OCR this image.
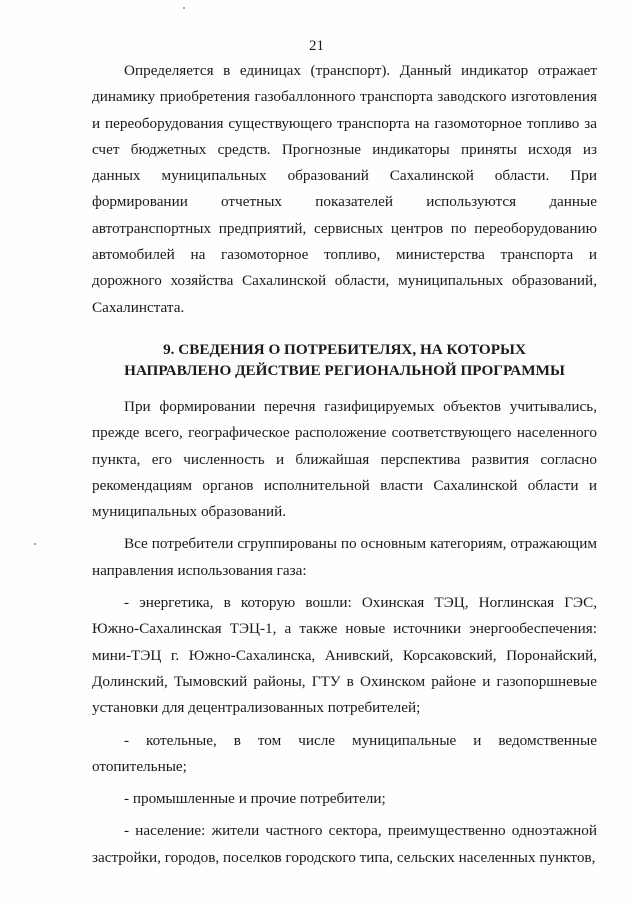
21

Определяется в единицах (транспорт). Данный индикатор отражает динамику приобретения газобаллонного транспорта заводского изготовления и переоборудования существующего транспорта на газомоторное топливо за счет бюджетных средств. Прогнозные индикаторы приняты исходя из данных муниципальных образований Сахалинской области. При формировании отчетных показателей используются данные автотранспортных предприятий, сервисных центров по переоборудованию автомобилей на газомоторное топливо, министерства транспорта и дорожного хозяйства Сахалинской области, муниципальных образований, Сахалинстата.

9. СВЕДЕНИЯ О ПОТРЕБИТЕЛЯХ, НА КОТОРЫХ

НАПРАВЛЕНО ДЕЙСТВИЕ РЕГИОНАЛЬНОЙ ПРОГРАММЫ

При формировании перечня газифицируемых объектов учитывались, прежде всего, географическое расположение соответствующего населенного пункта, его численность и ближайшая перспектива развития согласно рекомендациям органов исполнительной власти Сахалинской области и муниципальных образований.

Все потребители сгруппированы по основным категориям, отражающим направления использования газа:

- энергетика, в которую вошли: Охинская ТЭЦ, Ноглинская ГЭС, Южно-Сахалинская ТЭЦ-1, а также новые источники энергообеспечения: мини-ТЭЦ г. Южно-Сахалинска, Анивский, Корсаковский, Поронайский, Долинский, Тымовский районы, ГТУ в Охинском районе и газопоршневые установки для децентрализованных потребителей;

- котельные, в том числе муниципальные и ведомственные отопительные;

- промышленные и прочие потребители;

- население: жители частного сектора, преимущественно одноэтажной застройки, городов, поселков городского типа, сельских населенных пунктов,
